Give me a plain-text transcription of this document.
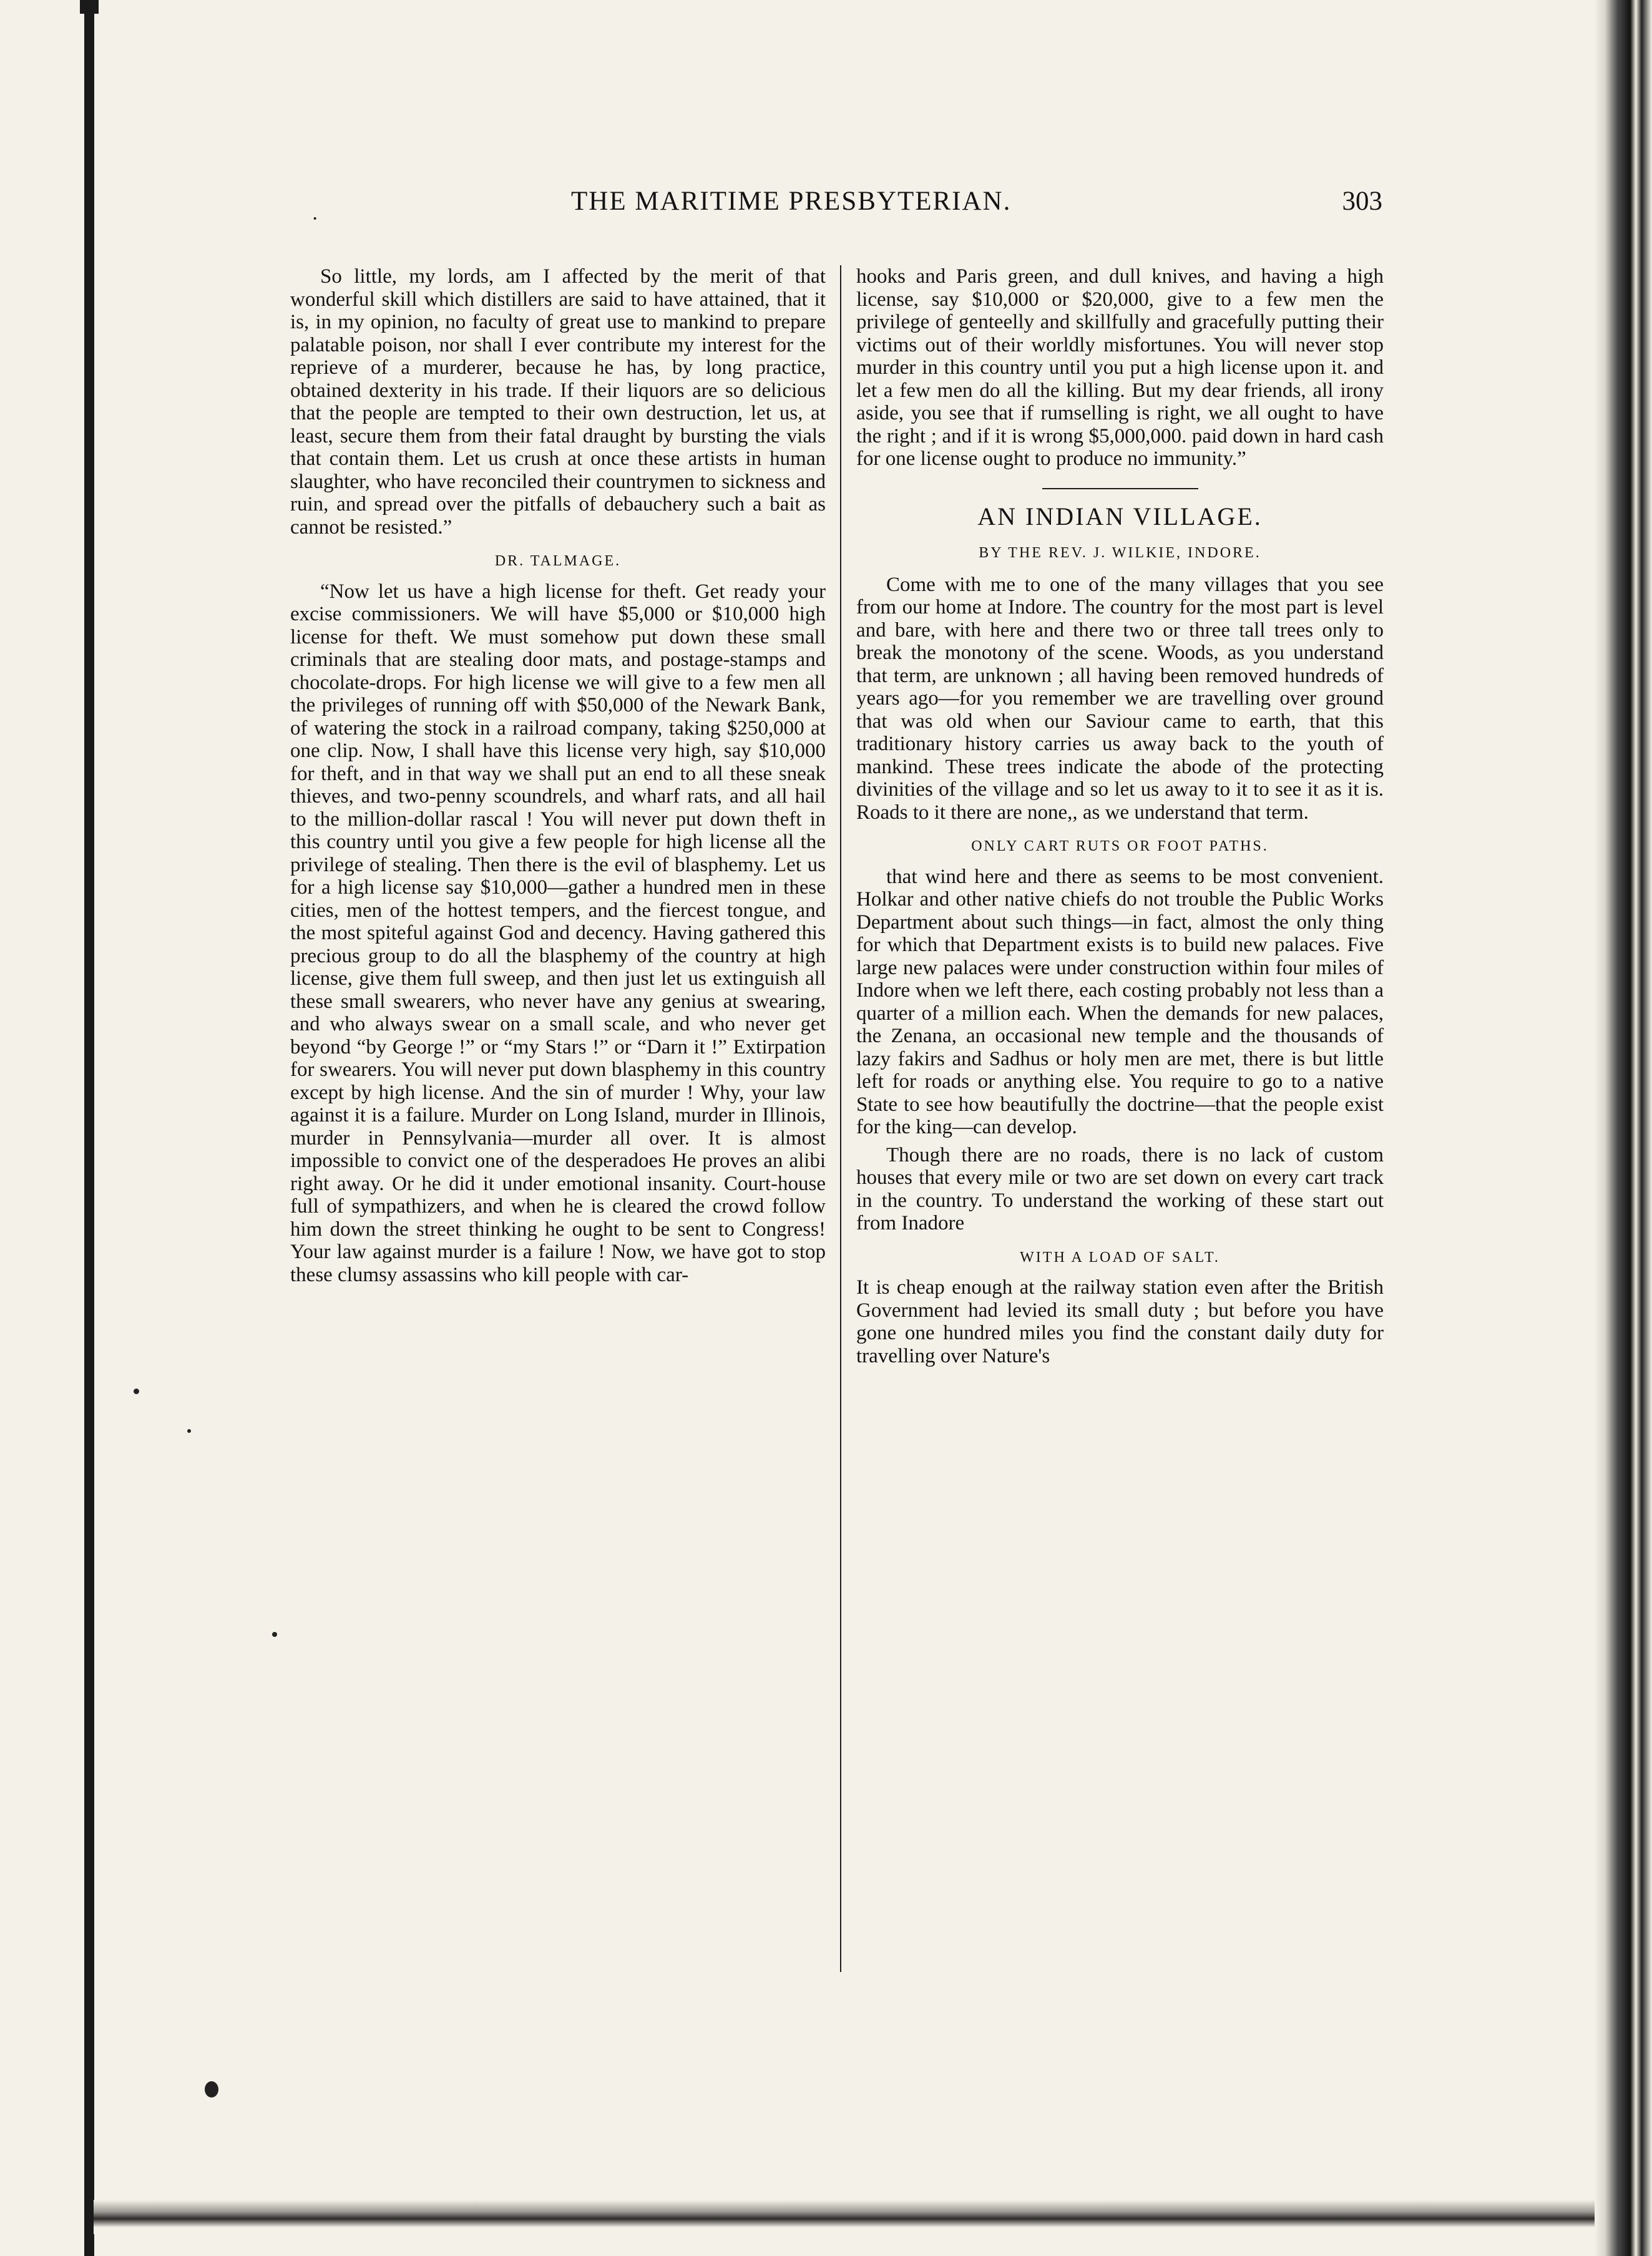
·
THE MARITIME PRESBYTERIAN.	303

So little, my lords, am I affected by the merit of that wonderful skill which distillers are said to have attained, that it is, in my opinion, no faculty of great use to mankind to prepare palatable poison, nor shall I ever contribute my interest for the reprieve of a murderer, because he has, by long practice, obtained dexterity in his trade. If their liquors are so delicious that the people are tempted to their own destruction, let us, at least, secure them from their fatal draught by bursting the vials that contain them. Let us crush at once these artists in human slaughter, who have reconciled their countrymen to sickness and ruin, and spread over the pitfalls of debauchery such a bait as cannot be resisted.”

DR. TALMAGE.

“Now let us have a high license for theft. Get ready your excise commissioners. We will have $5,000 or $10,000 high license for theft. We must somehow put down these small criminals that are stealing door mats, and postage-stamps and chocolate-drops. For high license we will give to a few men all the privileges of running off with $50,000 of the Newark Bank, of watering the stock in a railroad company, taking $250,000 at one clip. Now, I shall have this license very high, say $10,000 for theft, and in that way we shall put an end to all these sneak thieves, and two-penny scoundrels, and wharf rats, and all hail to the million-dollar rascal ! You will never put down theft in this country until you give a few people for high license all the privilege of stealing. Then there is the evil of blasphemy. Let us for a high license say $10,000—gather a hundred men in these cities, men of the hottest tempers, and the fiercest tongue, and the most spiteful against God and decency. Having gathered this precious group to do all the blasphemy of the country at high license, give them full sweep, and then just let us extinguish all these small swearers, who never have any genius at swearing, and who always swear on a small scale, and who never get beyond “by George !” or “my Stars !” or “Darn it !” Extirpation for swearers. You will never put down blasphemy in this country except by high license. And the sin of murder ! Why, your law against it is a failure. Murder on Long Island, murder in Illinois, murder in Pennsylvania—murder all over. It is almost impossible to convict one of the desperadoes He proves an alibi right away. Or he did it under emotional insanity. Court-house full of sympathizers, and when he is cleared the crowd follow him down the street thinking he ought to be sent to Congress! Your law against murder is a failure ! Now, we have got to stop these clumsy assassins who kill people with car-

hooks and Paris green, and dull knives, and having a high license, say $10,000 or $20,000, give to a few men the privilege of genteelly and skillfully and gracefully putting their victims out of their worldly misfortunes. You will never stop murder in this country until you put a high license upon it. and let a few men do all the killing. But my dear friends, all irony aside, you see that if rumselling is right, we all ought to have the right ; and if it is wrong $5,000,000. paid down in hard cash for one license ought to produce no immunity.”

AN INDIAN VILLAGE.
BY THE REV. J. WILKIE, INDORE.

Come with me to one of the many villages that you see from our home at Indore. The country for the most part is level and bare, with here and there two or three tall trees only to break the monotony of the scene. Woods, as you understand that term, are unknown ; all having been removed hundreds of years ago—for you remember we are travelling over ground that was old when our Saviour came to earth, that this traditionary history carries us away back to the youth of mankind. These trees indicate the abode of the protecting divinities of the village and so let us away to it to see it as it is. Roads to it there are none,, as we understand that term.

ONLY CART RUTS OR FOOT PATHS.

that wind here and there as seems to be most convenient. Holkar and other native chiefs do not trouble the Public Works Department about such things—in fact, almost the only thing for which that Department exists is to build new palaces. Five large new palaces were under construction within four miles of Indore when we left there, each costing probably not less than a quarter of a million each. When the demands for new palaces, the Zenana, an occasional new temple and the thousands of lazy fakirs and Sadhus or holy men are met, there is but little left for roads or anything else. You require to go to a native State to see how beautifully the doctrine—that the people exist for the king—can develop.

Though there are no roads, there is no lack of custom houses that every mile or two are set down on every cart track in the country. To understand the working of these start out from Inadore

WITH A LOAD OF SALT.

It is cheap enough at the railway station even after the British Government had levied its small duty ; but before you have gone one hundred miles you find the constant daily duty for travelling over Nature's
